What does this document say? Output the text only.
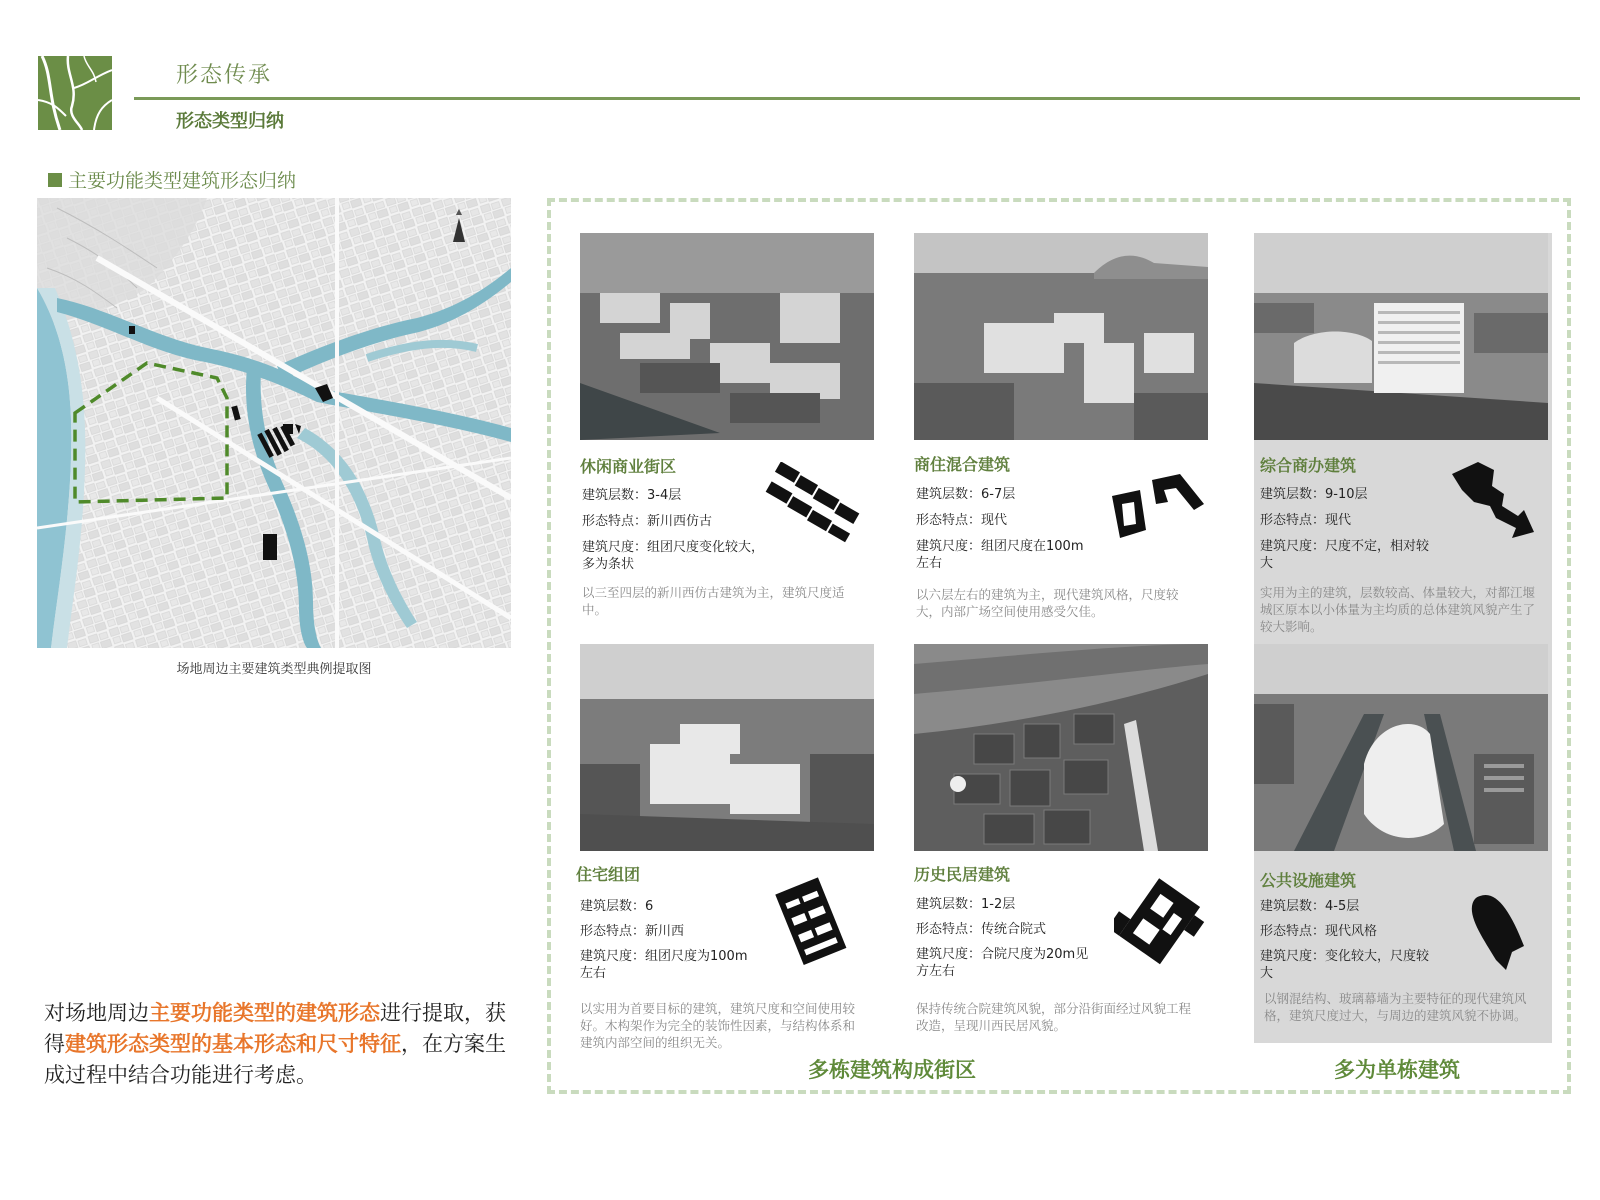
形态传承
形态类型归纳
主要功能类型建筑形态归纳
▲
场地周边主要建筑类型典例提取图
对场地周边主要功能类型的建筑形态进行提取，获得建筑形态类型的基本形态和尺寸特征，在方案生成过程中结合功能进行考虑。
休闲商业街区
建筑层数：3-4层
形态特点：新川西仿古
建筑尺度：组团尺度变化较大，多为条状
以三至四层的新川西仿古建筑为主，建筑尺度适中。
商住混合建筑
建筑层数：6-7层
形态特点：现代
建筑尺度：组团尺度在100m左右
以六层左右的建筑为主，现代建筑风格，尺度较大，内部广场空间使用感受欠佳。
综合商办建筑
建筑层数：9-10层
形态特点：现代
建筑尺度：尺度不定，相对较大
实用为主的建筑，层数较高、体量较大，对都江堰城区原本以小体量为主均质的总体建筑风貌产生了较大影响。
住宅组团
建筑层数：6
形态特点：新川西
建筑尺度：组团尺度为100m左右
以实用为首要目标的建筑，建筑尺度和空间使用较好。木构架作为完全的装饰性因素，与结构体系和建筑内部空间的组织无关。
历史民居建筑
建筑层数：1-2层
形态特点：传统合院式
建筑尺度：合院尺度为20m见方左右
保持传统合院建筑风貌，部分沿街面经过风貌工程改造，呈现川西民居风貌。
公共设施建筑
建筑层数：4-5层
形态特点：现代风格
建筑尺度：变化较大，尺度较大
以钢混结构、玻璃幕墙为主要特征的现代建筑风格，建筑尺度过大，与周边的建筑风貌不协调。
多栋建筑构成街区	多为单栋建筑
